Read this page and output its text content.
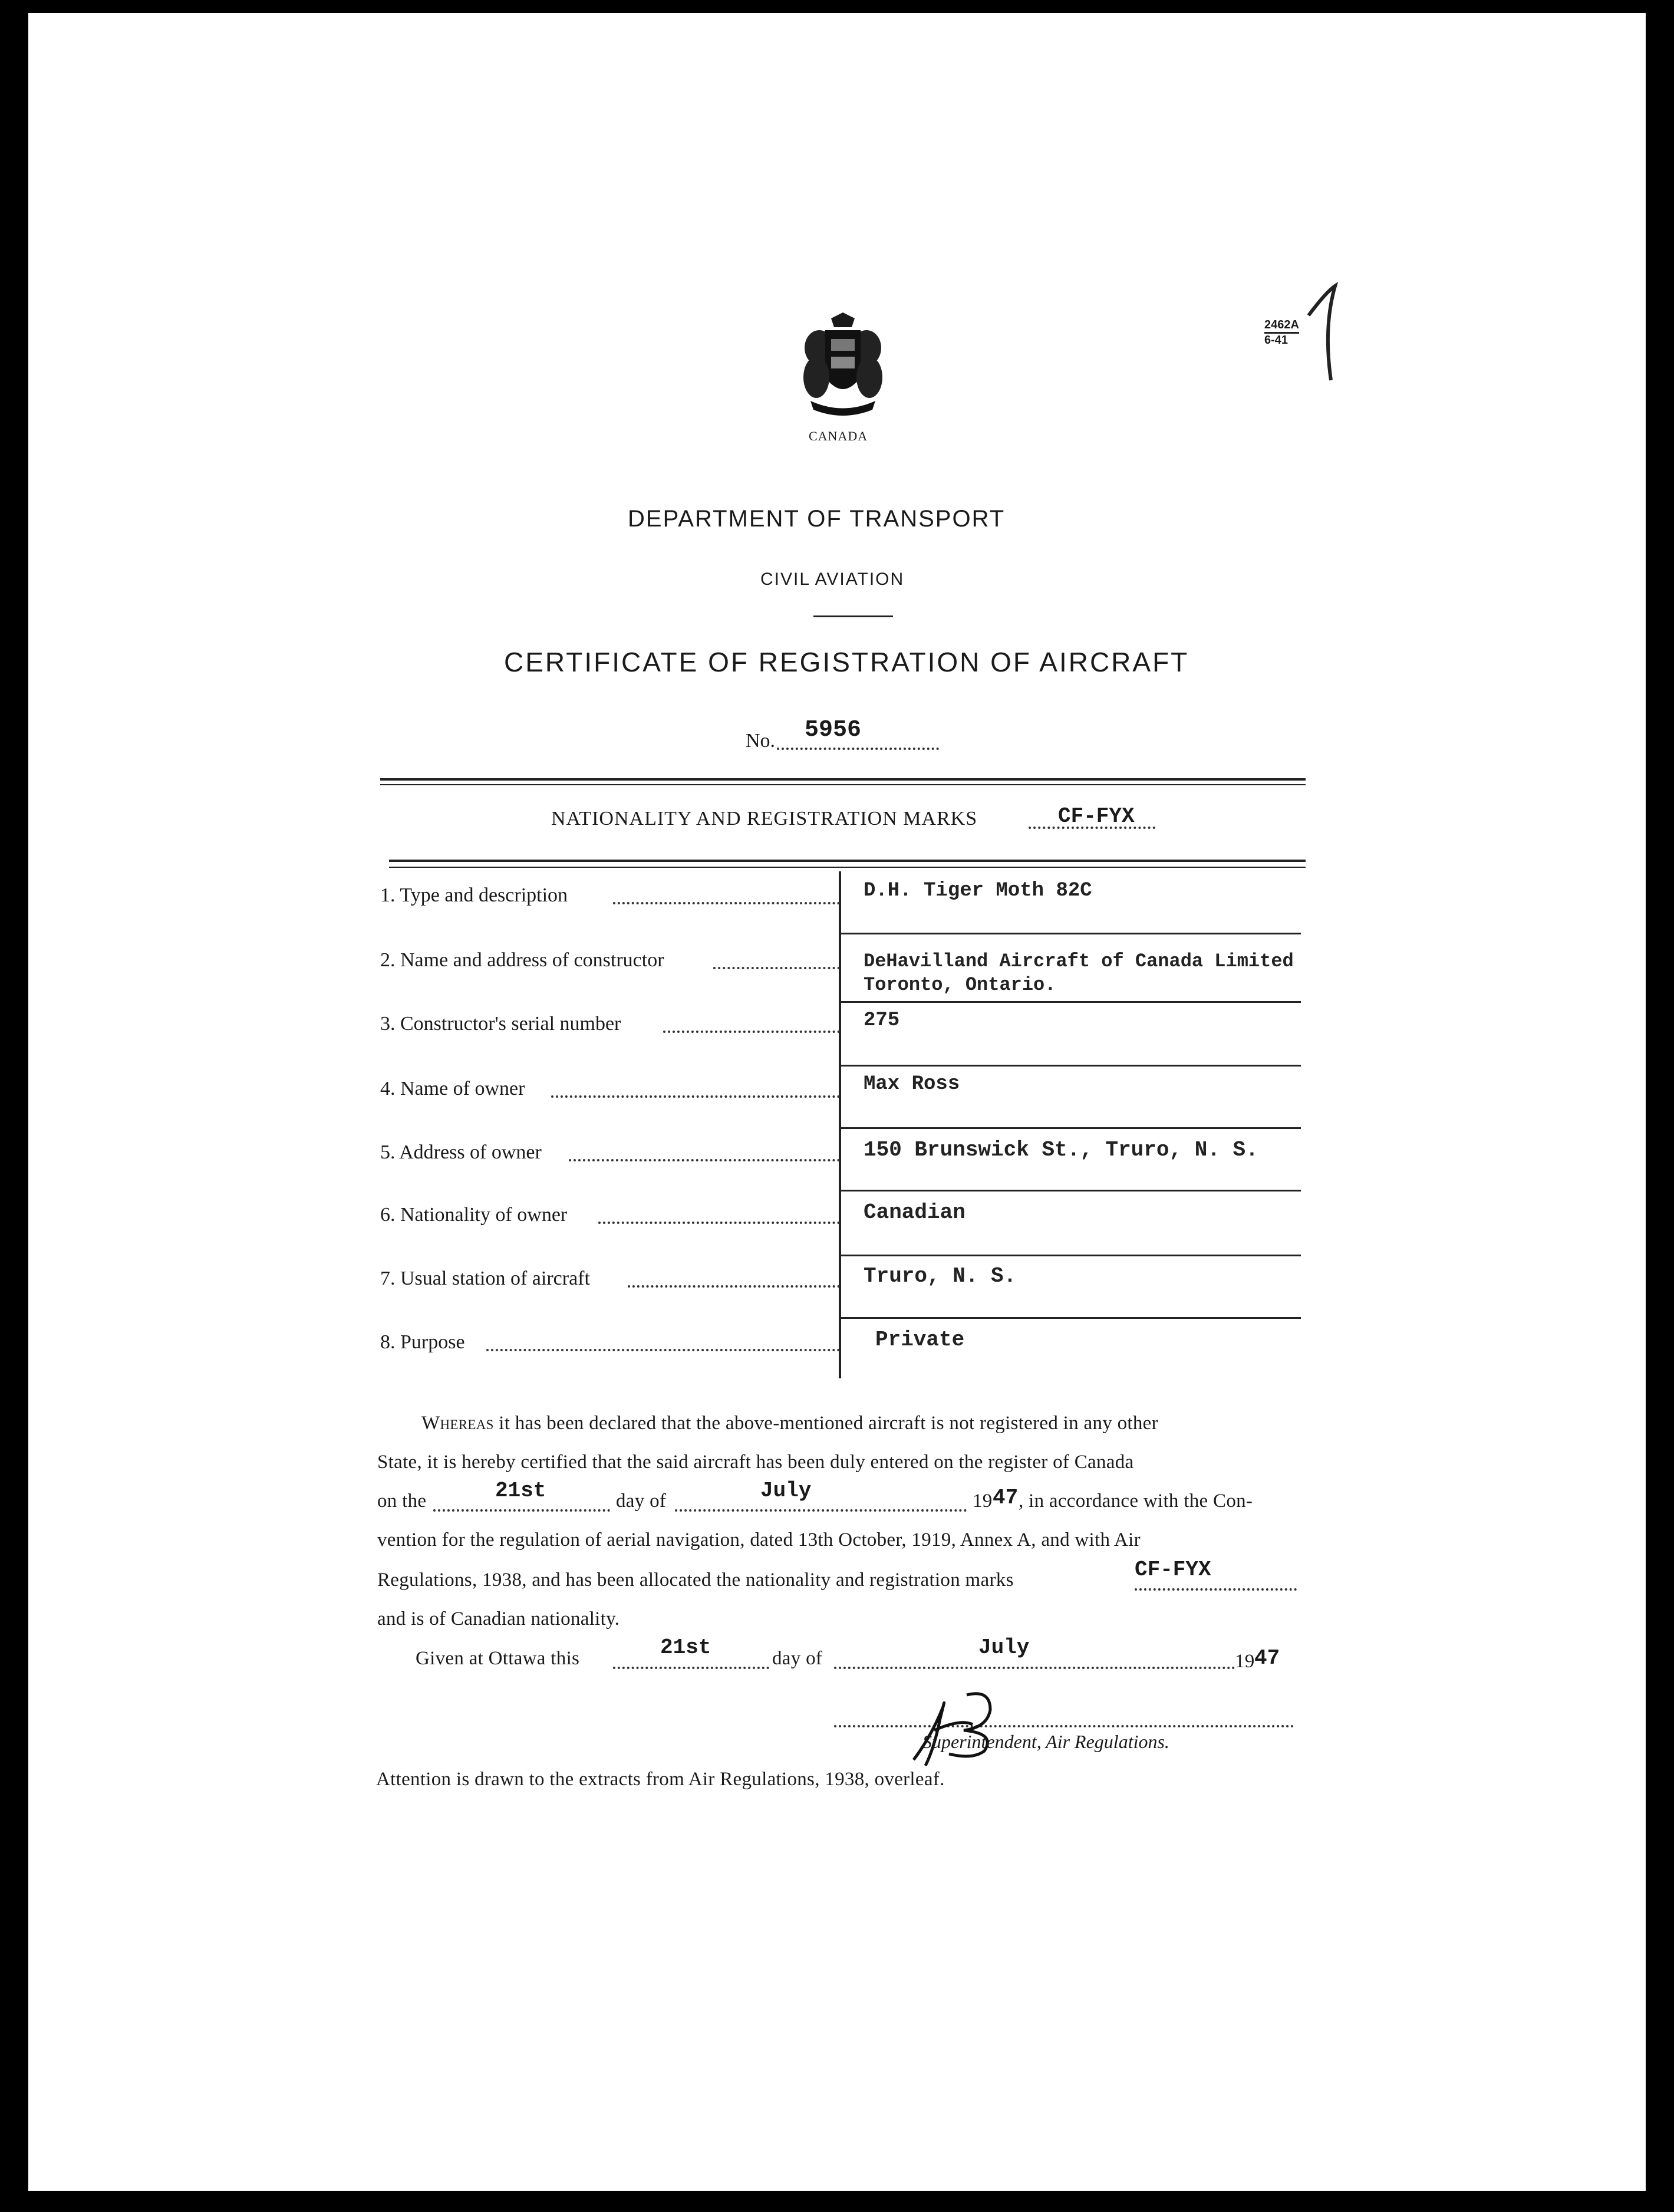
2462A
6-41
CANADA
DEPARTMENT OF TRANSPORT
CIVIL AVIATION
CERTIFICATE OF REGISTRATION OF AIRCRAFT
No. 5956
NATIONALITY AND REGISTRATION MARKS	CF-FYX
1. Type and description	D.H. Tiger Moth 82C
2. Name and address of constructor	DeHavilland Aircraft of Canada Limited
Toronto, Ontario.
3. Constructor's serial number	275
4. Name of owner	Max Ross
5. Address of owner	150 Brunswick St., Truro, N. S.
6. Nationality of owner	Canadian
7. Usual station of aircraft	Truro, N. S.
8. Purpose	Private
Whereas it has been declared that the above-mentioned aircraft is not registered in any other
State, it is hereby certified that the said aircraft has been duly entered on the register of Canada
on the	21st	day of	July	19 47 , in accordance with the Con-
vention for the regulation of aerial navigation, dated 13th October, 1919, Annex A, and with Air
Regulations, 1938, and has been allocated the nationality and registration marks	CF-FYX
and is of Canadian nationality.
Given at Ottawa this	21st	day of	July
19 47
Superintendent, Air Regulations.
Attention is drawn to the extracts from Air Regulations, 1938, overleaf.
